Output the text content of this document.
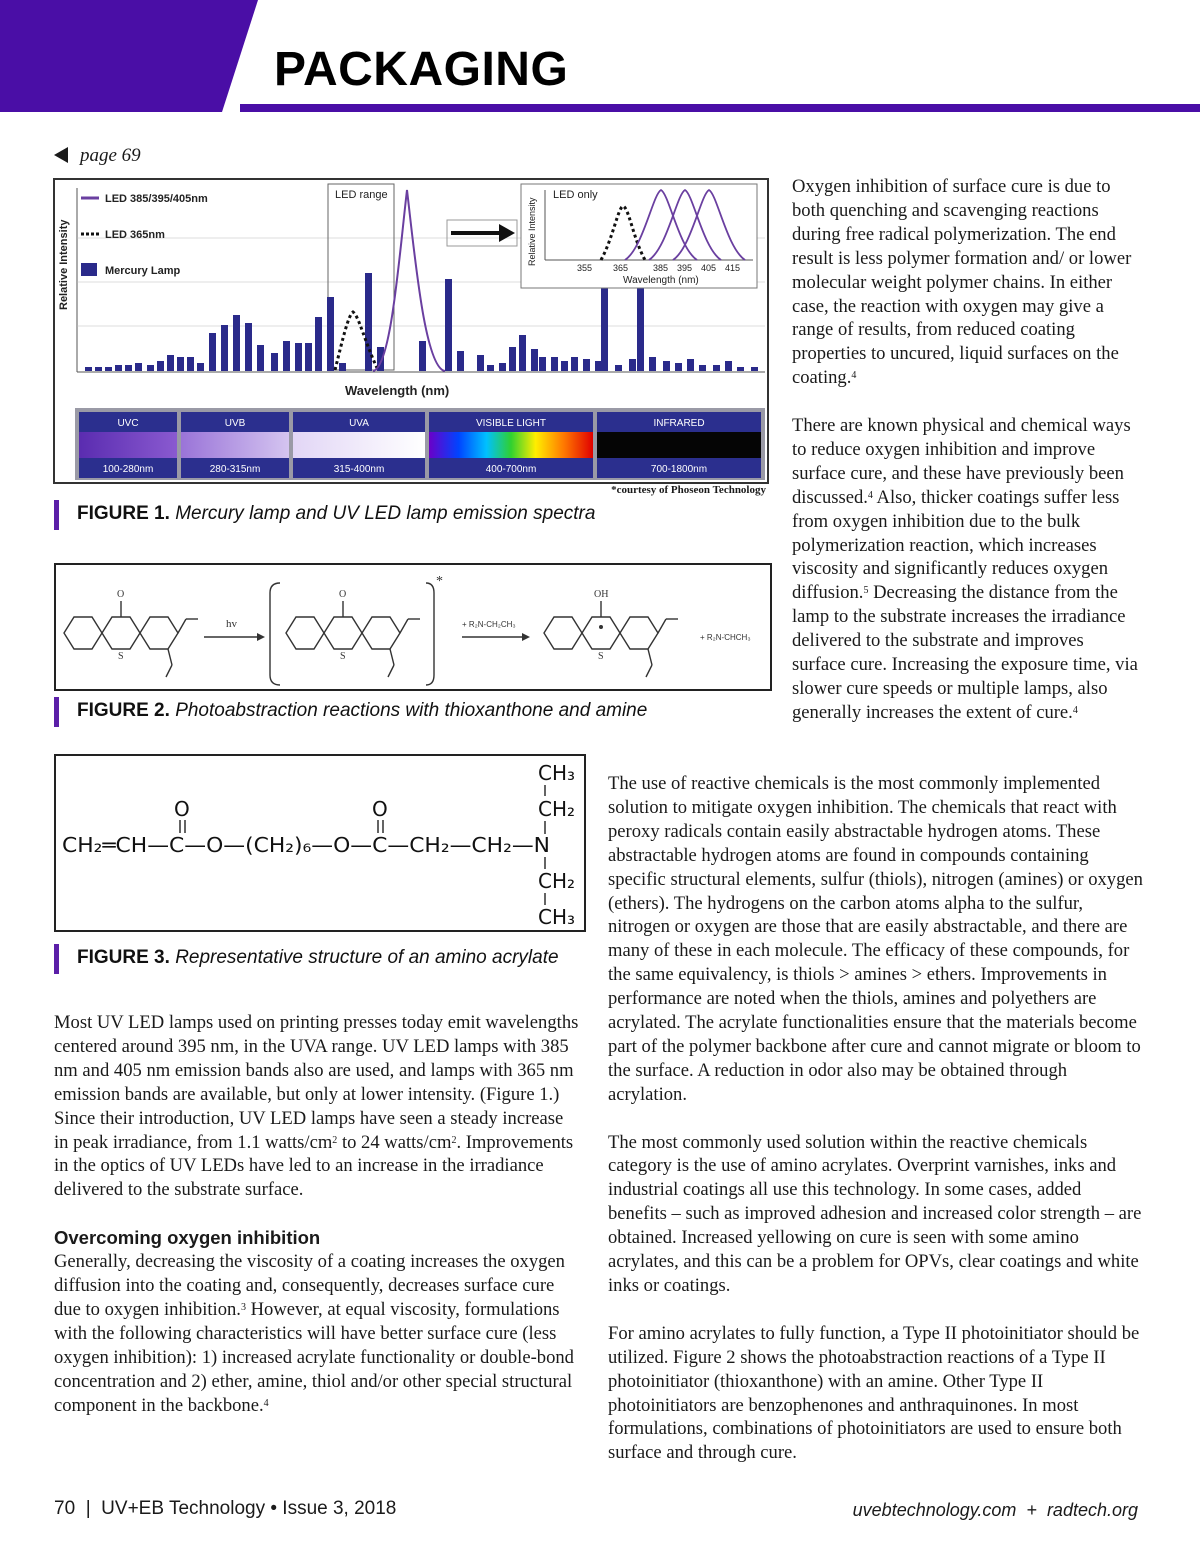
PACKAGING
page 69
Relative Intensity
LED 385/395/405nm
LED 365nm
Mercury Lamp
LED range
Relative Intensity
LED only
355 365	385 395 405 415
Wavelength (nm)
Wavelength (nm)
UVC
100-280nm
UVB
280-315nm
UVA
315-400nm
VISIBLE LIGHT
400-700nm
INFRARED
700-1800nm
*courtesy of Phoseon Technology
FIGURE 1. Mercury lamp and UV LED lamp emission spectra
O
S
hv
*
O
S
+ R₂N-CH₂CH₃
OH
S
+ R₂N-̇CHCH₃
FIGURE 2. Photoabstraction reactions with thioxanthone and amine
CH₃
CH₂
O	O
CH₂═CH—C—O—(CH₂)₆—O—C—CH₂—CH₂—N
CH₂
CH₃
FIGURE 3. Representative structure of an amino acrylate

Oxygen inhibition of surface cure is due to both quenching and scavenging reactions during free radical polymerization. The end result is less polymer formation and/ or lower molecular weight polymer chains. In either case, the reaction with oxygen may give a range of results, from reduced coating properties to uncured, liquid surfaces on the coating.$^4$

There are known physical and chemical ways to reduce oxygen inhibition and improve surface cure, and these have previously been discussed.$^4$ Also, thicker coatings suffer less from oxygen inhibition due to the bulk polymerization reaction, which increases viscosity and significantly reduces oxygen diffusion.$^5$ Decreasing the distance from the lamp to the substrate increases the irradiance delivered to the substrate and improves surface cure. Increasing the exposure time, via slower cure speeds or multiple lamps, also generally increases the extent of cure.$^4$

The use of reactive chemicals is the most commonly implemented solution to mitigate oxygen inhibition. The chemicals that react with peroxy radicals contain easily abstractable hydrogen atoms. These abstractable hydrogen atoms are found in compounds containing specific structural elements, sulfur (thiols), nitrogen (amines) or oxygen (ethers). The hydrogens on the carbon atoms alpha to the sulfur, nitrogen or oxygen are those that are easily abstractable, and there are many of these in each molecule. The efficacy of these compounds, for the same equivalency, is thiols > amines > ethers. Improvements in performance are noted when the thiols, amines and polyethers are acrylated. The acrylate functionalities ensure that the materials become part of the polymer backbone after cure and cannot migrate or bloom to the surface. A reduction in odor also may be obtained through acrylation.

The most commonly used solution within the reactive chemicals category is the use of amino acrylates. Overprint varnishes, inks and industrial coatings all use this technology. In some cases, added benefits – such as improved adhesion and increased color strength – are obtained. Increased yellowing on cure is seen with some amino acrylates, and this can be a problem for OPVs, clear coatings and white inks or coatings.

For amino acrylates to fully function, a Type II photoinitiator should be utilized. Figure 2 shows the photoabstraction reactions of a Type II photoinitiator (thioxanthone) with an amine. Other Type II photoinitiators are benzophenones and anthraquinones. In most formulations, combinations of photoinitiators are used to ensure both surface and through cure.

Most UV LED lamps used on printing presses today emit wavelengths centered around 395 nm, in the UVA range. UV LED lamps with 385 nm and 405 nm emission bands also are used, and lamps with 365 nm emission bands are available, but only at lower intensity. (Figure 1.) Since their introduction, UV LED lamps have seen a steady increase in peak irradiance, from 1.1 watts/$cm^2$ to 24 watts/$cm^2$. Improvements in the optics of UV LEDs have led to an increase in the irradiance delivered to the substrate surface.

Overcoming oxygen inhibition

Generally, decreasing the viscosity of a coating increases the oxygen diffusion into the coating and, consequently, decreases surface cure due to oxygen inhibition.$^3$ However, at equal viscosity, formulations with the following characteristics will have better surface cure (less oxygen inhibition): 1) increased acrylate functionality or double-bond concentration and 2) ether, amine, thiol and/or other special structural component in the backbone.$^4$

70  |  UV+EB Technology • Issue 3, 2018	uvebtechnology.com  +  radtech.org
